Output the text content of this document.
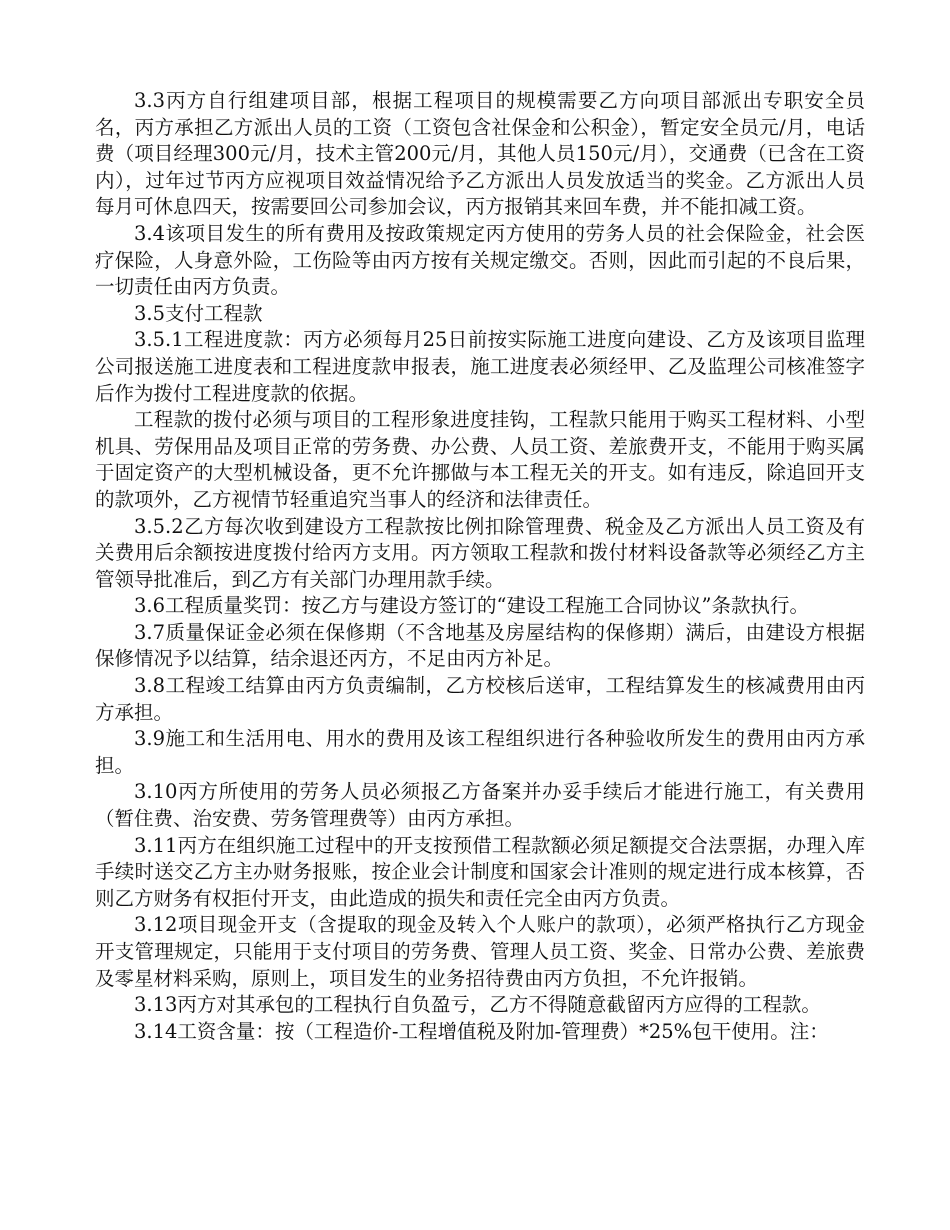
3.3丙方自行组建项目部，根据工程项目的规模需要乙方向项目部派出专职安全员名，丙方承担乙方派出人员的工资（工资包含社保金和公积金），暂定安全员元/月，电话费（项目经理300元/月，技术主管200元/月，其他人员150元/月），交通费（已含在工资内），过年过节丙方应视项目效益情况给予乙方派出人员发放适当的奖金。乙方派出人员每月可休息四天，按需要回公司参加会议，丙方报销其来回车费，并不能扣减工资。

3.4该项目发生的所有费用及按政策规定丙方使用的劳务人员的社会保险金，社会医疗保险，人身意外险，工伤险等由丙方按有关规定缴交。否则，因此而引起的不良后果，一切责任由丙方负责。

3.5支付工程款

3.5.1工程进度款：丙方必须每月25日前按实际施工进度向建设、乙方及该项目监理公司报送施工进度表和工程进度款申报表，施工进度表必须经甲、乙及监理公司核准签字后作为拨付工程进度款的依据。

工程款的拨付必须与项目的工程形象进度挂钩，工程款只能用于购买工程材料、小型机具、劳保用品及项目正常的劳务费、办公费、人员工资、差旅费开支，不能用于购买属于固定资产的大型机械设备，更不允许挪做与本工程无关的开支。如有违反，除追回开支的款项外，乙方视情节轻重追究当事人的经济和法律责任。

3.5.2乙方每次收到建设方工程款按比例扣除管理费、税金及乙方派出人员工资及有关费用后余额按进度拨付给丙方支用。丙方领取工程款和拨付材料设备款等必须经乙方主管领导批准后，到乙方有关部门办理用款手续。

3.6工程质量奖罚：按乙方与建设方签订的“建设工程施工合同协议”条款执行。

3.7质量保证金必须在保修期（不含地基及房屋结构的保修期）满后，由建设方根据保修情况予以结算，结余退还丙方，不足由丙方补足。

3.8工程竣工结算由丙方负责编制，乙方校核后送审，工程结算发生的核减费用由丙方承担。

3.9施工和生活用电、用水的费用及该工程组织进行各种验收所发生的费用由丙方承担。

3.10丙方所使用的劳务人员必须报乙方备案并办妥手续后才能进行施工，有关费用（暂住费、治安费、劳务管理费等）由丙方承担。

3.11丙方在组织施工过程中的开支按预借工程款额必须足额提交合法票据，办理入库手续时送交乙方主办财务报账，按企业会计制度和国家会计准则的规定进行成本核算，否则乙方财务有权拒付开支，由此造成的损失和责任完全由丙方负责。

3.12项目现金开支（含提取的现金及转入个人账户的款项），必须严格执行乙方现金开支管理规定，只能用于支付项目的劳务费、管理人员工资、奖金、日常办公费、差旅费及零星材料采购，原则上，项目发生的业务招待费由丙方负担，不允许报销。

3.13丙方对其承包的工程执行自负盈亏，乙方不得随意截留丙方应得的工程款。

3.14工资含量：按（工程造价-工程增值税及附加-管理费）*25%包干使用。注：
